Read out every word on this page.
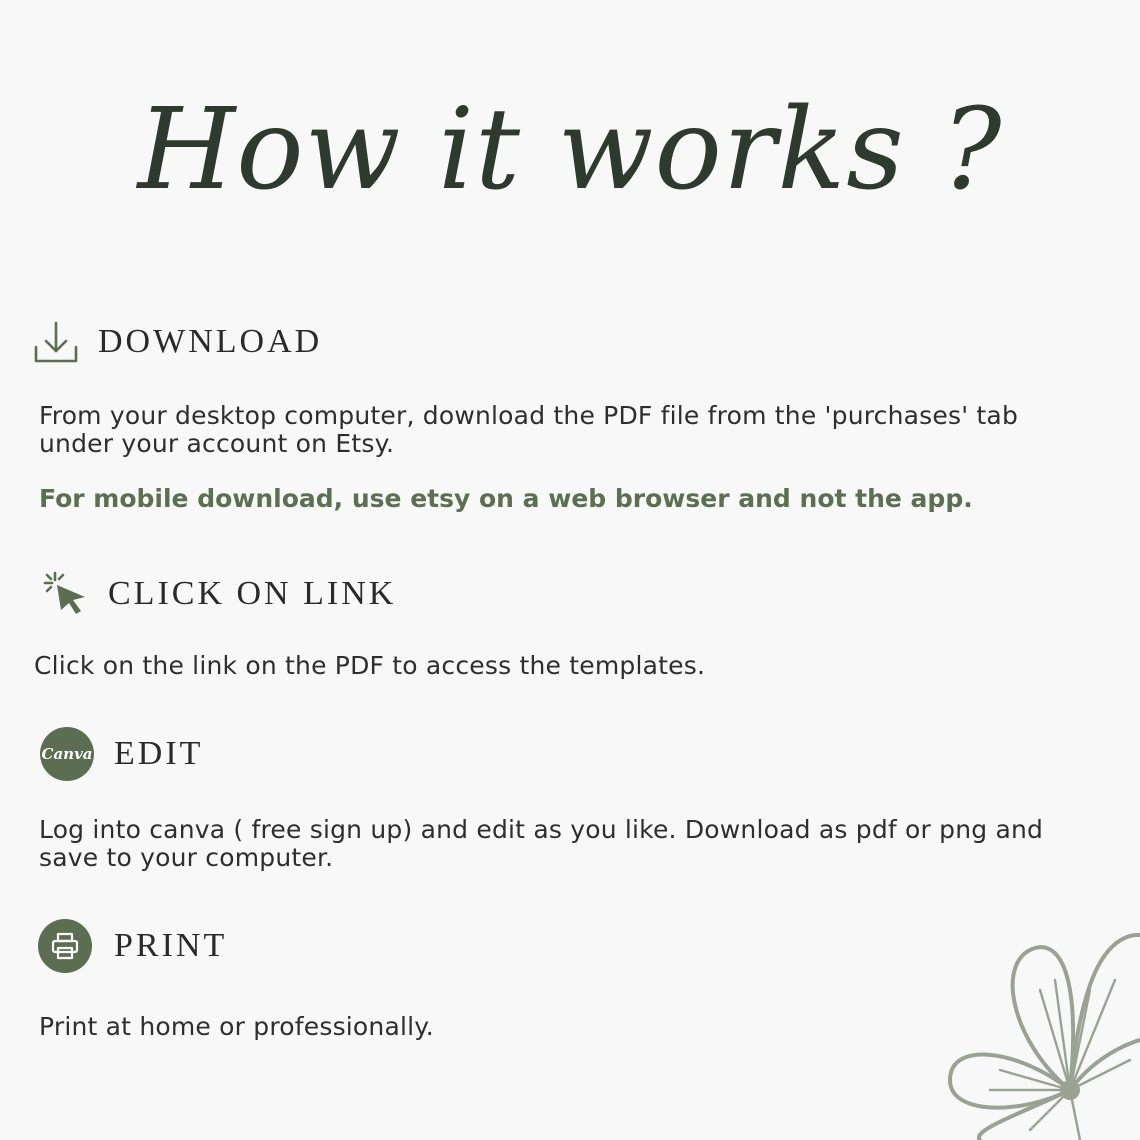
How it works ?
DOWNLOAD
From your desktop computer, download the PDF file from the 'purchases' tab under your account on Etsy.
For mobile download, use etsy on a web browser and not the app.
CLICK ON LINK
Click on the link on the PDF to access the templates.
Canva EDIT
Log into canva ( free sign up) and edit as you like. Download as pdf or png and save to your computer.
PRINT
Print at home or professionally.
